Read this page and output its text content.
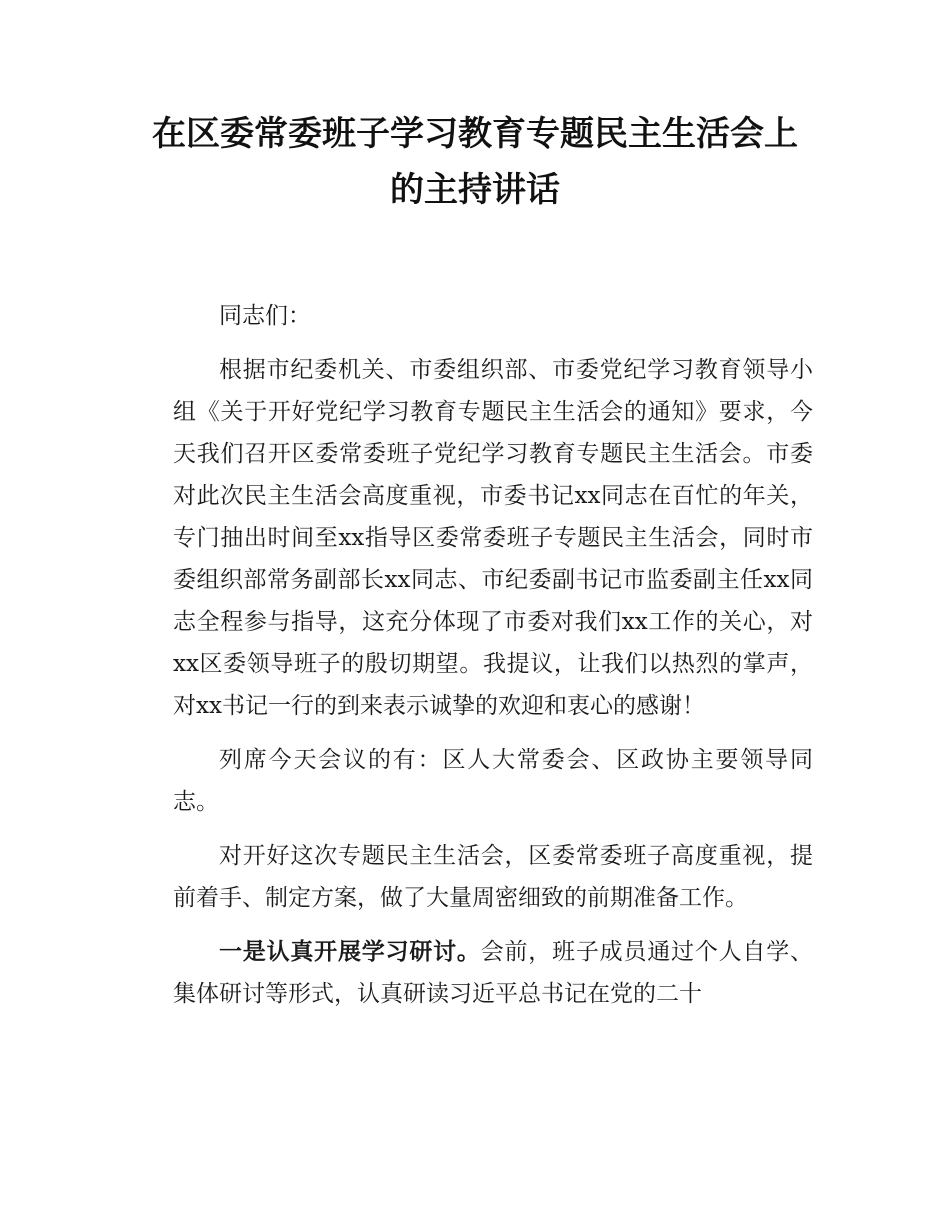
在区委常委班子学习教育专题民主生活会上
的主持讲话

同志们：

根据市纪委机关、市委组织部、市委党纪学习教育领导小组《关于开好党纪学习教育专题民主生活会的通知》要求，今天我们召开区委常委班子党纪学习教育专题民主生活会。市委对此次民主生活会高度重视，市委书记xx同志在百忙的年关，专门抽出时间至xx指导区委常委班子专题民主生活会，同时市委组织部常务副部长xx同志、市纪委副书记市监委副主任xx同志全程参与指导，这充分体现了市委对我们xx工作的关心，对xx区委领导班子的殷切期望。我提议，让我们以热烈的掌声，对xx书记一行的到来表示诚挚的欢迎和衷心的感谢！

列席今天会议的有：区人大常委会、区政协主要领导同志。

对开好这次专题民主生活会，区委常委班子高度重视，提前着手、制定方案，做了大量周密细致的前期准备工作。

一是认真开展学习研讨。会前，班子成员通过个人自学、集体研讨等形式，认真研读习近平总书记在党的二十
